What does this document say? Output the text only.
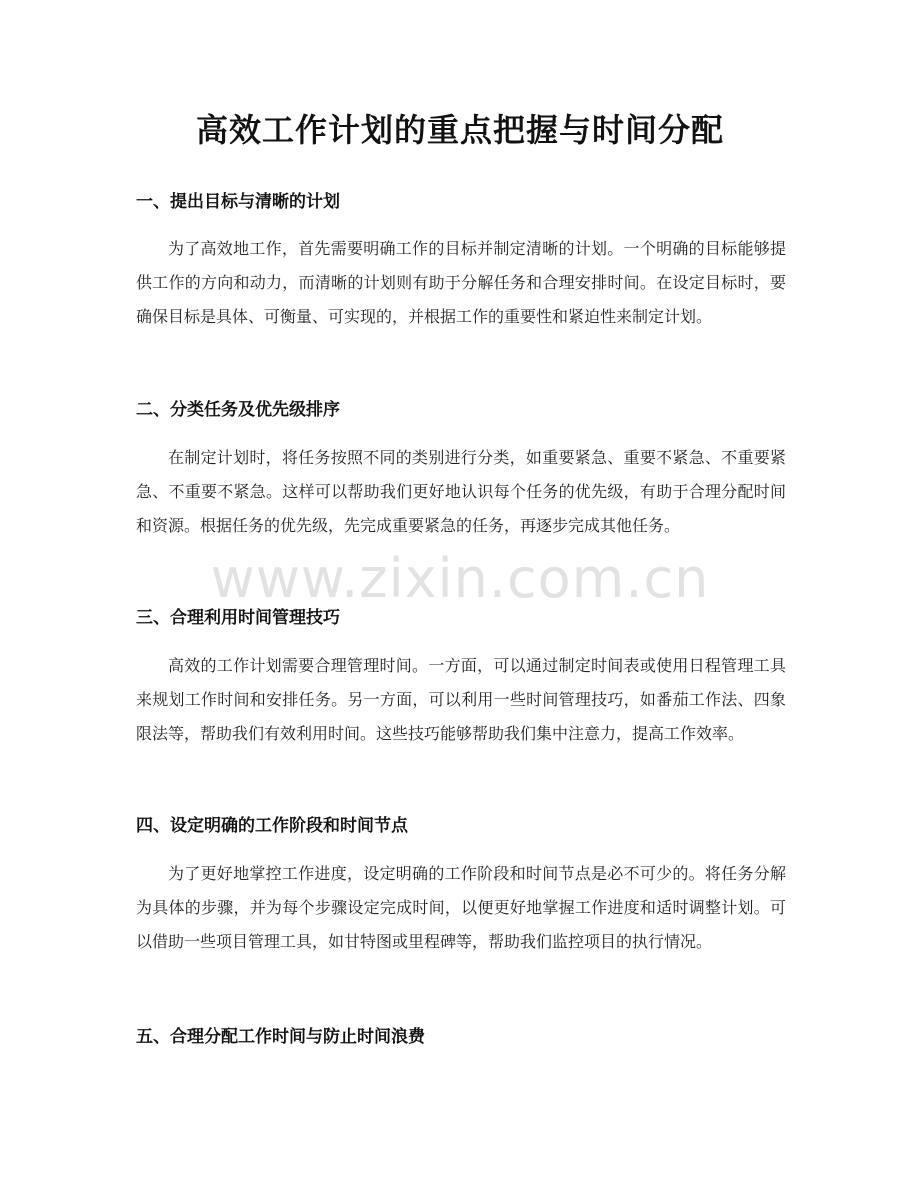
高效工作计划的重点把握与时间分配
一、提出目标与清晰的计划

为了高效地工作，首先需要明确工作的目标并制定清晰的计划。一个明确的目标能够提供工作的方向和动力，而清晰的计划则有助于分解任务和合理安排时间。在设定目标时，要确保目标是具体、可衡量、可实现的，并根据工作的重要性和紧迫性来制定计划。

二、分类任务及优先级排序

在制定计划时，将任务按照不同的类别进行分类，如重要紧急、重要不紧急、不重要紧急、不重要不紧急。这样可以帮助我们更好地认识每个任务的优先级，有助于合理分配时间和资源。根据任务的优先级，先完成重要紧急的任务，再逐步完成其他任务。

三、合理利用时间管理技巧

高效的工作计划需要合理管理时间。一方面，可以通过制定时间表或使用日程管理工具来规划工作时间和安排任务。另一方面，可以利用一些时间管理技巧，如番茄工作法、四象限法等，帮助我们有效利用时间。这些技巧能够帮助我们集中注意力，提高工作效率。

四、设定明确的工作阶段和时间节点

为了更好地掌控工作进度，设定明确的工作阶段和时间节点是必不可少的。将任务分解为具体的步骤，并为每个步骤设定完成时间，以便更好地掌握工作进度和适时调整计划。可以借助一些项目管理工具，如甘特图或里程碑等，帮助我们监控项目的执行情况。

五、合理分配工作时间与防止时间浪费
www.zixin.com.cn
